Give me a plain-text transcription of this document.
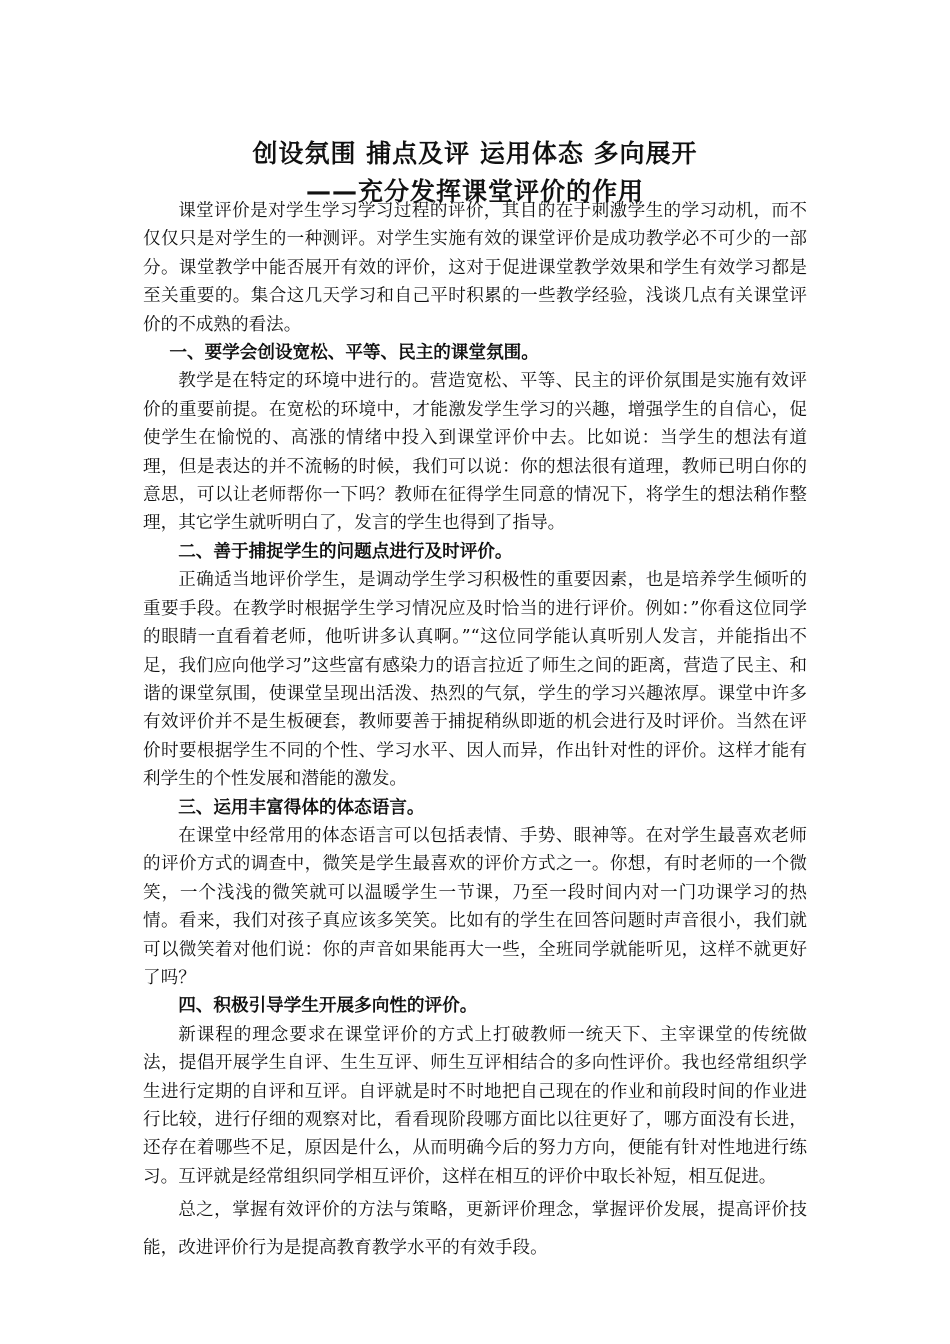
创设氛围 捕点及评 运用体态 多向展开
——充分发挥课堂评价的作用

课堂评价是对学生学习学习过程的评价，其目的在于刺激学生的学习动机，而不仅仅只是对学生的一种测评。对学生实施有效的课堂评价是成功教学必不可少的一部分。课堂教学中能否展开有效的评价，这对于促进课堂教学效果和学生有效学习都是至关重要的。集合这几天学习和自己平时积累的一些教学经验，浅谈几点有关课堂评价的不成熟的看法。

一、要学会创设宽松、平等、民主的课堂氛围。

教学是在特定的环境中进行的。营造宽松、平等、民主的评价氛围是实施有效评价的重要前提。在宽松的环境中，才能激发学生学习的兴趣，增强学生的自信心，促使学生在愉悦的、高涨的情绪中投入到课堂评价中去。比如说：当学生的想法有道理，但是表达的并不流畅的时候，我们可以说：你的想法很有道理，教师已明白你的意思，可以让老师帮你一下吗？教师在征得学生同意的情况下，将学生的想法稍作整理，其它学生就听明白了，发言的学生也得到了指导。

二、善于捕捉学生的问题点进行及时评价。

正确适当地评价学生，是调动学生学习积极性的重要因素，也是培养学生倾听的重要手段。在教学时根据学生学习情况应及时恰当的进行评价。例如：”你看这位同学的眼睛一直看着老师，他听讲多认真啊。”“这位同学能认真听别人发言，并能指出不足，我们应向他学习”这些富有感染力的语言拉近了师生之间的距离，营造了民主、和谐的课堂氛围，使课堂呈现出活泼、热烈的气氛，学生的学习兴趣浓厚。课堂中许多有效评价并不是生板硬套，教师要善于捕捉稍纵即逝的机会进行及时评价。当然在评价时要根据学生不同的个性、学习水平、因人而异，作出针对性的评价。这样才能有利学生的个性发展和潜能的激发。

三、运用丰富得体的体态语言。

在课堂中经常用的体态语言可以包括表情、手势、眼神等。在对学生最喜欢老师的评价方式的调查中，微笑是学生最喜欢的评价方式之一。你想，有时老师的一个微笑，一个浅浅的微笑就可以温暖学生一节课，乃至一段时间内对一门功课学习的热情。看来，我们对孩子真应该多笑笑。比如有的学生在回答问题时声音很小，我们就可以微笑着对他们说：你的声音如果能再大一些，全班同学就能听见，这样不就更好了吗？

四、积极引导学生开展多向性的评价。

新课程的理念要求在课堂评价的方式上打破教师一统天下、主宰课堂的传统做法，提倡开展学生自评、生生互评、师生互评相结合的多向性评价。我也经常组织学生进行定期的自评和互评。自评就是时不时地把自己现在的作业和前段时间的作业进行比较，进行仔细的观察对比，看看现阶段哪方面比以往更好了，哪方面没有长进，还存在着哪些不足，原因是什么，从而明确今后的努力方向，便能有针对性地进行练习。互评就是经常组织同学相互评价，这样在相互的评价中取长补短，相互促进。

总之，掌握有效评价的方法与策略，更新评价理念，掌握评价发展，提高评价技能，改进评价行为是提高教育教学水平的有效手段。
